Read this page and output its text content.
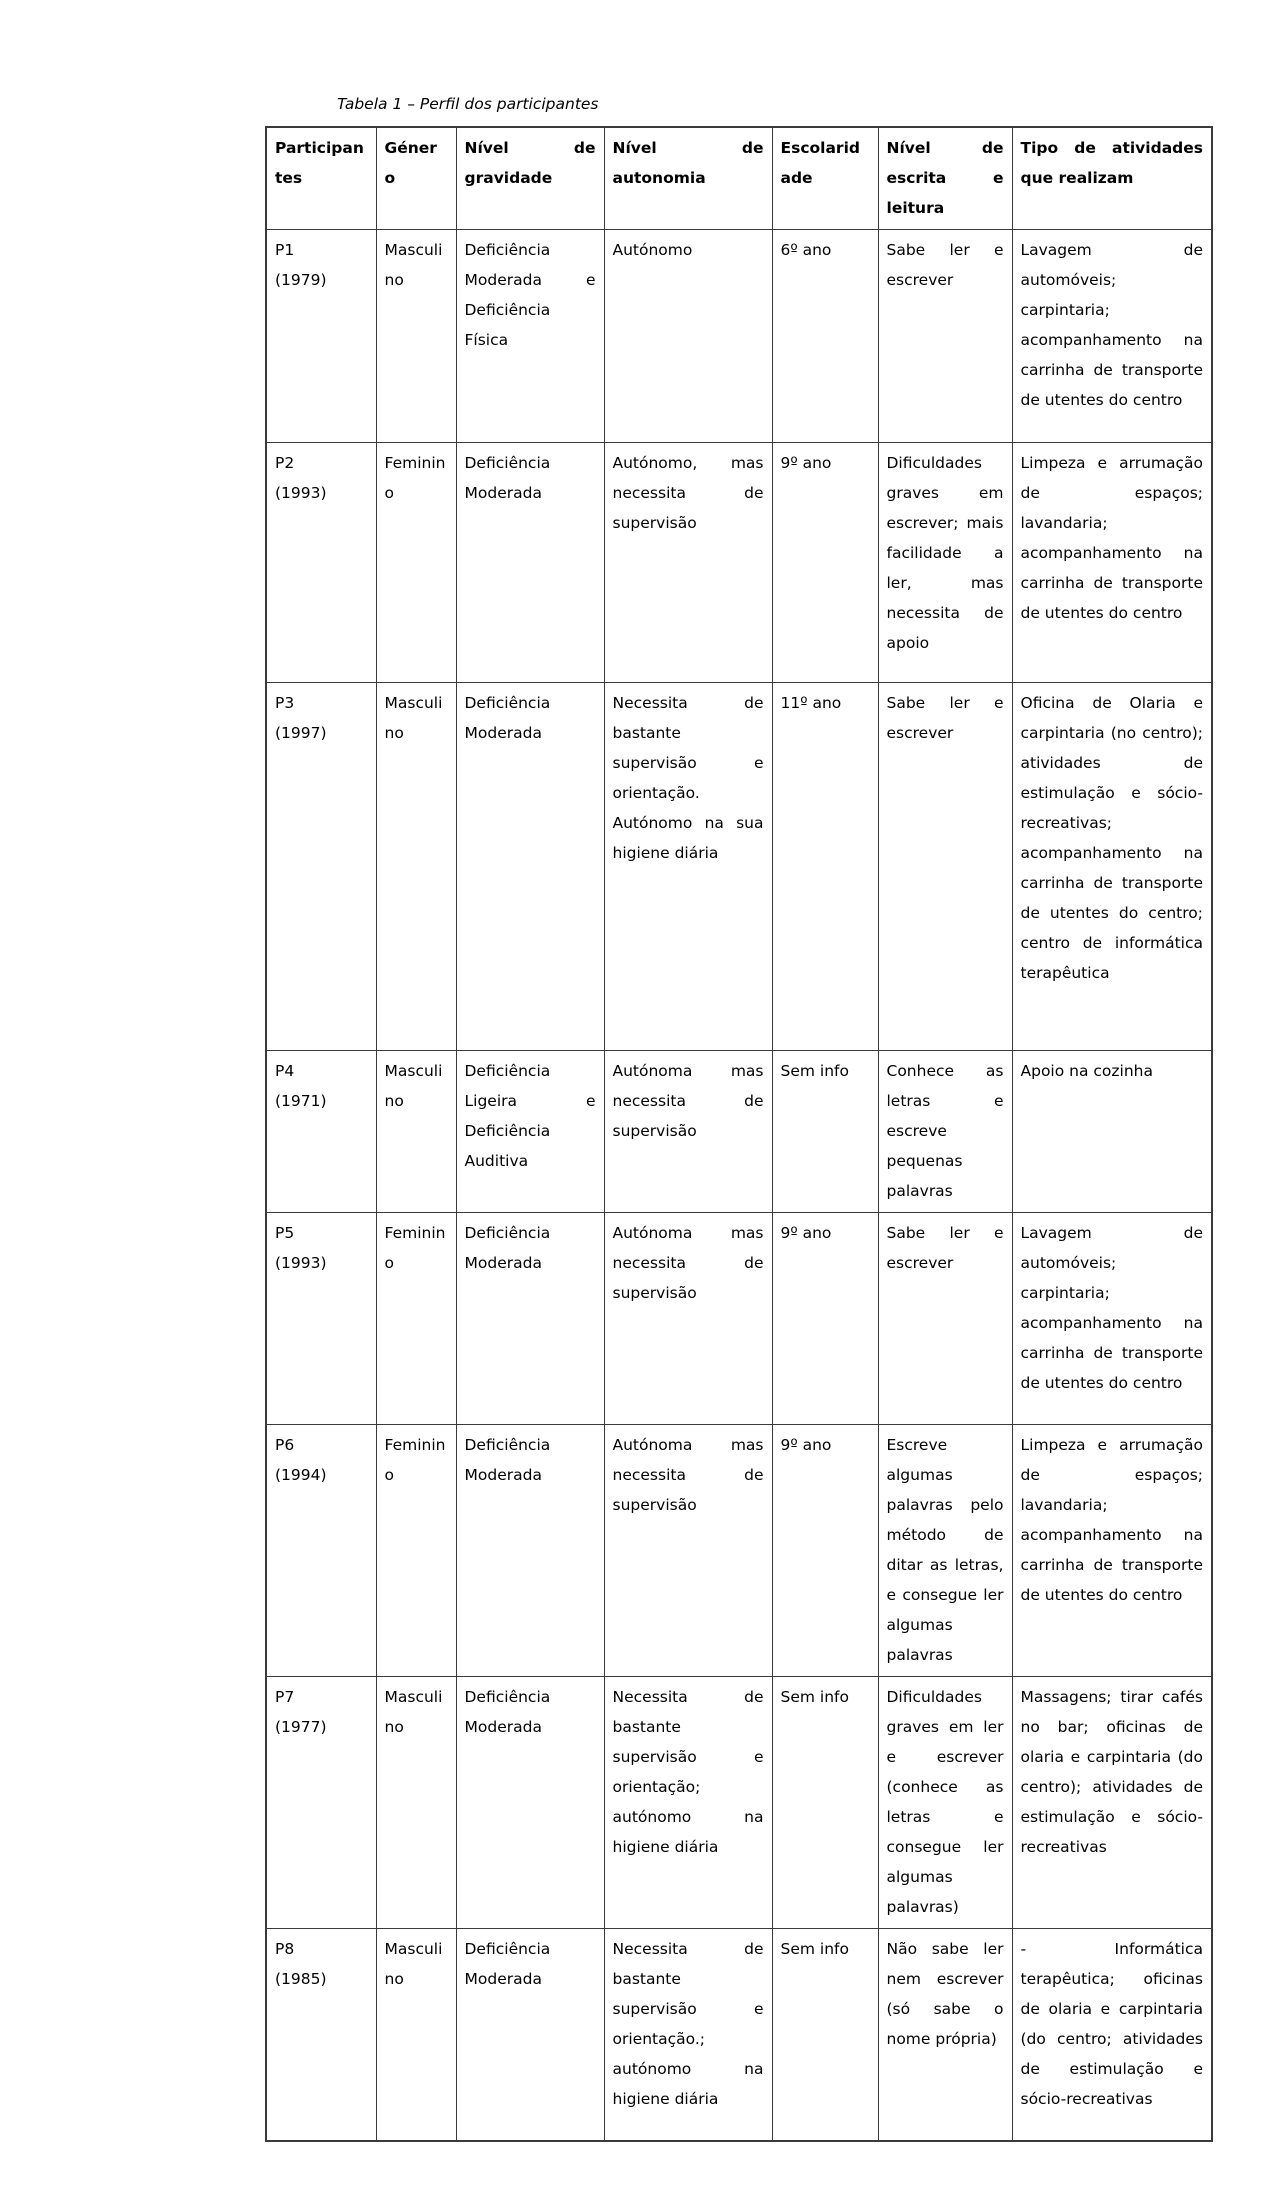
Tabela 1 – Perfil dos participantes

Participantes	Género	Nível de gravidade	Nível de autonomia	Escolaridade	Nível de escrita e leitura	Tipo de atividades que realizam

P1
(1979)	Masculino	Deficiência Moderada e Deficiência Física	Autónomo	6º ano	Sabe ler e escrever	Lavagem de automóveis; carpintaria; acompanhamento na carrinha de transporte de utentes do centro

P2
(1993)	Feminino	Deficiência Moderada	Autónomo, mas necessita de supervisão	9º ano	Dificuldades graves em escrever; mais facilidade a ler, mas necessita de apoio	Limpeza e arrumação de espaços; lavandaria; acompanhamento na carrinha de transporte de utentes do centro

P3
(1997)	Masculino	Deficiência Moderada	Necessita de bastante supervisão e orientação. Autónomo na sua higiene diária	11º ano	Sabe ler e escrever	Oficina de Olaria e carpintaria (no centro); atividades de estimulação e sócio-recreativas; acompanhamento na carrinha de transporte de utentes do centro; centro de informática terapêutica

P4
(1971)	Masculino	Deficiência Ligeira e Deficiência Auditiva	Autónoma mas necessita de supervisão	Sem info	Conhece as letras e escreve pequenas palavras	Apoio na cozinha

P5
(1993)	Feminino	Deficiência Moderada	Autónoma mas necessita de supervisão	9º ano	Sabe ler e escrever	Lavagem de automóveis; carpintaria; acompanhamento na carrinha de transporte de utentes do centro

P6
(1994)	Feminino	Deficiência Moderada	Autónoma mas necessita de supervisão	9º ano	Escreve algumas palavras pelo método de ditar as letras, e consegue ler algumas palavras	Limpeza e arrumação de espaços; lavandaria; acompanhamento na carrinha de transporte de utentes do centro

P7
(1977)	Masculino	Deficiência Moderada	Necessita de bastante supervisão e orientação; autónomo na higiene diária	Sem info	Dificuldades graves em ler e escrever (conhece as letras e consegue ler algumas palavras)	Massagens; tirar cafés no bar; oficinas de olaria e carpintaria (do centro); atividades de estimulação e sócio-recreativas

P8
(1985)	Masculino	Deficiência Moderada	Necessita de bastante supervisão e orientação.; autónomo na higiene diária	Sem info	Não sabe ler nem escrever (só sabe o nome própria)	- Informática terapêutica; oficinas de olaria e carpintaria (do centro; atividades de estimulação e sócio-recreativas
